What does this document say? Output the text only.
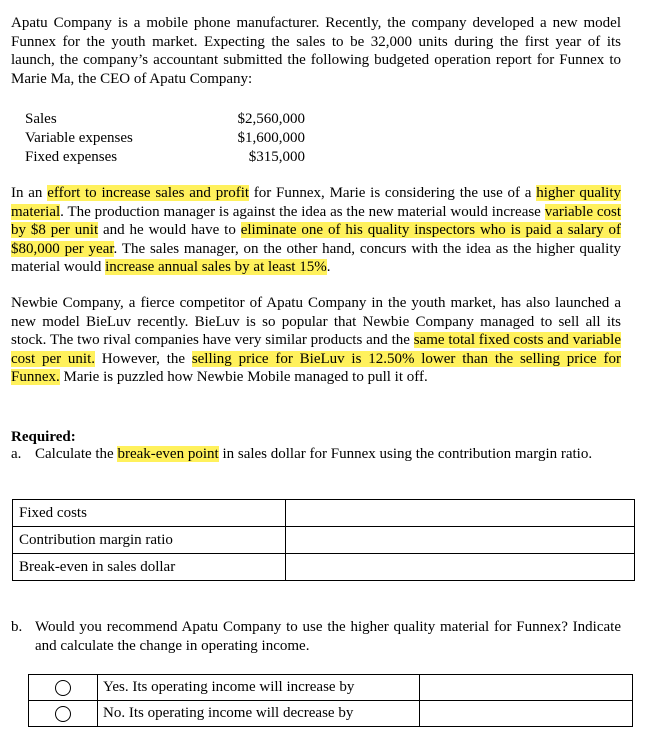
Apatu Company is a mobile phone manufacturer. Recently, the company developed a new model Funnex for the youth market. Expecting the sales to be 32,000 units during the first year of its launch, the company’s accountant submitted the following budgeted operation report for Funnex to Marie Ma, the CEO of Apatu Company:

Sales	$2,560,000
Variable expenses	$1,600,000
Fixed expenses	$315,000

In an effort to increase sales and profit for Funnex, Marie is considering the use of a higher quality material. The production manager is against the idea as the new material would increase variable cost by $8 per unit and he would have to eliminate one of his quality inspectors who is paid a salary of $80,000 per year. The sales manager, on the other hand, concurs with the idea as the higher quality material would increase annual sales by at least 15%.

Newbie Company, a fierce competitor of Apatu Company in the youth market, has also launched a new model BieLuv recently. BieLuv is so popular that Newbie Company managed to sell all its stock. The two rival companies have very similar products and the same total fixed costs and variable cost per unit. However, the selling price for BieLuv is 12.50% lower than the selling price for Funnex. Marie is puzzled how Newbie Mobile managed to pull it off.

Required:
a. Calculate the break-even point in sales dollar for Funnex using the contribution margin ratio.
Fixed costs	
Contribution margin ratio	
Break-even in sales dollar	
b. Would you recommend Apatu Company to use the higher quality material for Funnex? Indicate and calculate the change in operating income.
	Yes. Its operating income will increase by	
	No. Its operating income will decrease by	
